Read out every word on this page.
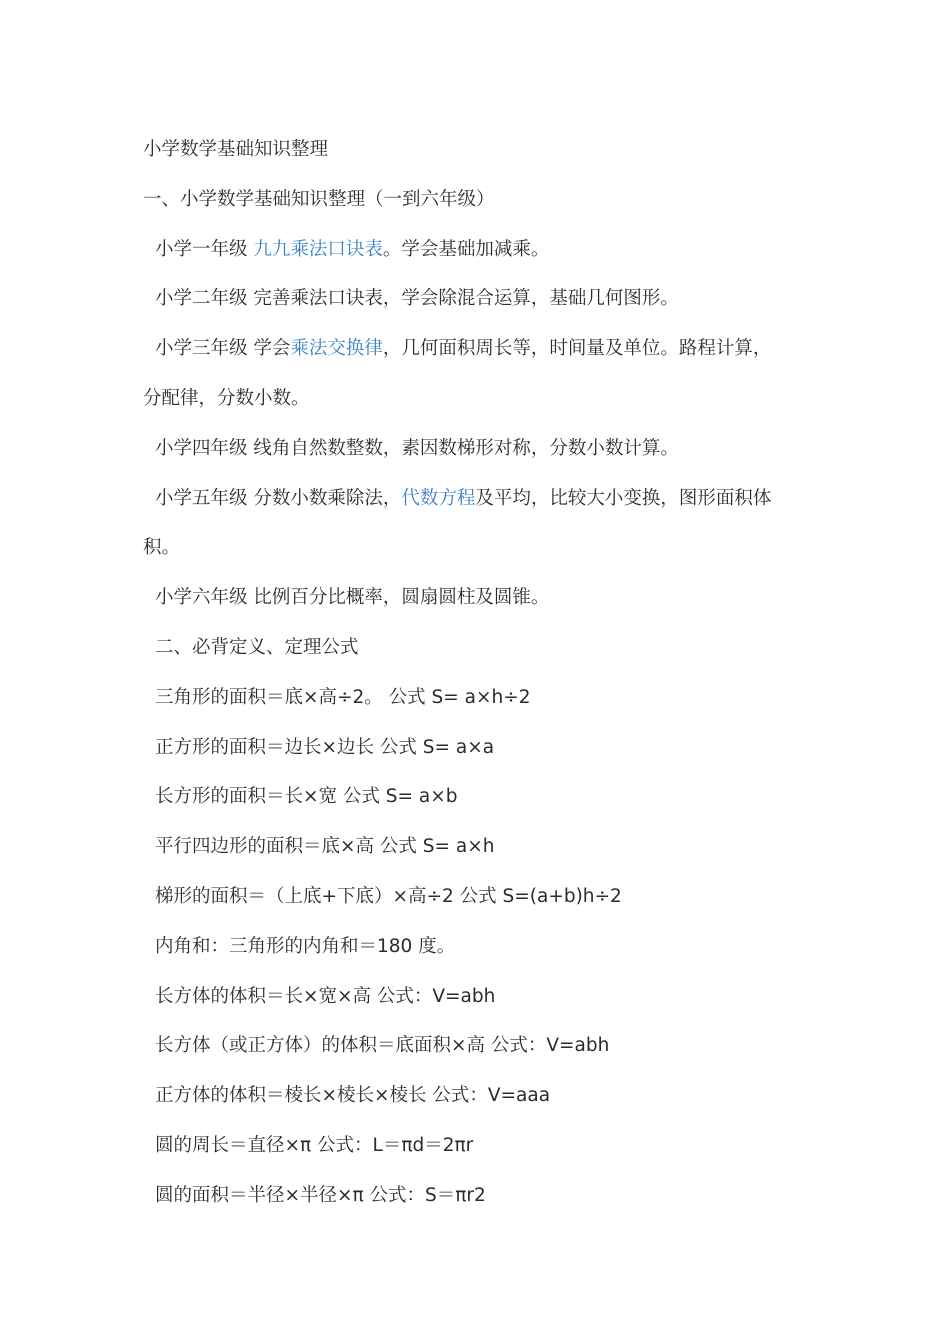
小学数学基础知识整理
一、小学数学基础知识整理（一到六年级）
小学一年级 九九乘法口诀表。学会基础加减乘。
小学二年级 完善乘法口诀表，学会除混合运算，基础几何图形。
小学三年级 学会乘法交换律，几何面积周长等，时间量及单位。路程计算，
分配律，分数小数。
小学四年级 线角自然数整数，素因数梯形对称，分数小数计算。
小学五年级 分数小数乘除法，代数方程及平均，比较大小变换，图形面积体
积。
小学六年级 比例百分比概率，圆扇圆柱及圆锥。
二、必背定义、定理公式
三角形的面积＝底×高÷2。 公式 S= a×h÷2
正方形的面积＝边长×边长 公式 S= a×a
长方形的面积＝长×宽 公式 S= a×b
平行四边形的面积＝底×高 公式 S= a×h
梯形的面积＝（上底+下底）×高÷2 公式 S=(a+b)h÷2
内角和：三角形的内角和＝180 度。
长方体的体积＝长×宽×高 公式：V=abh
长方体（或正方体）的体积＝底面积×高 公式：V=abh
正方体的体积＝棱长×棱长×棱长 公式：V=aaa
圆的周长＝直径×π 公式：L＝πd＝2πr
圆的面积＝半径×半径×π 公式：S＝πr2
